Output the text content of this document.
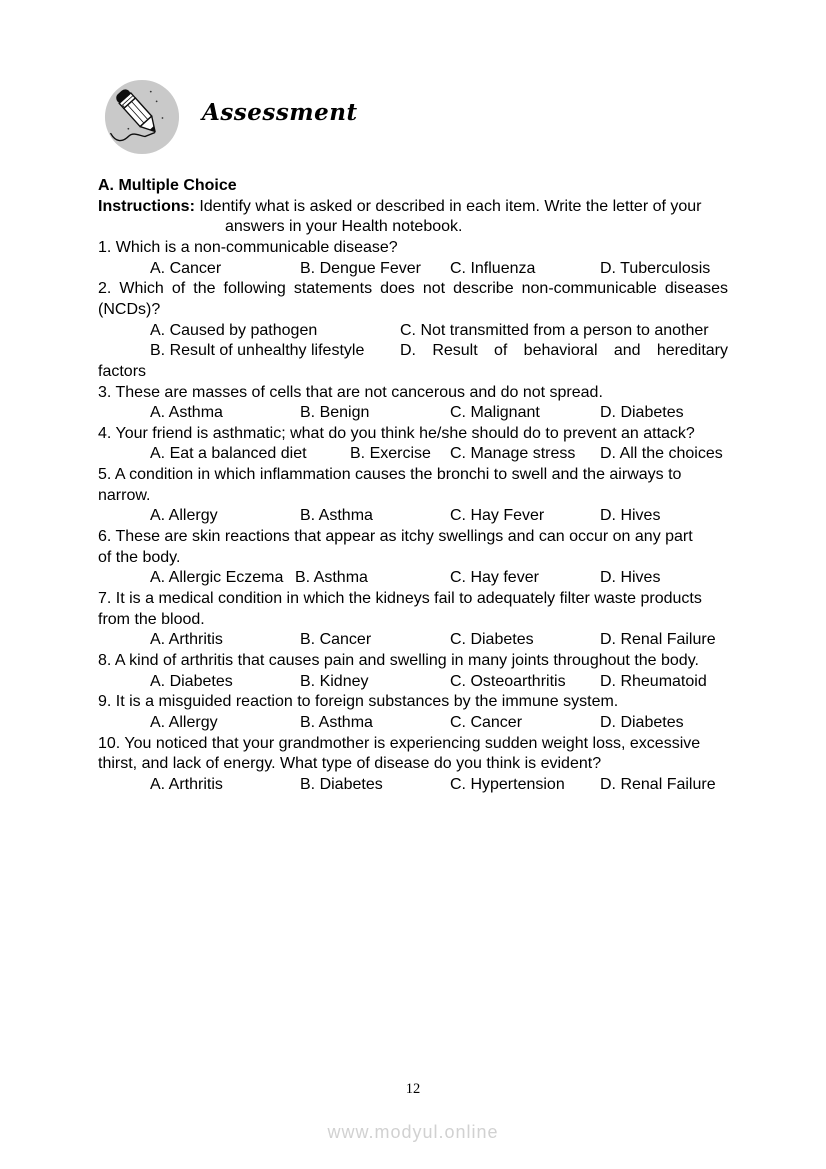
Assessment
A. Multiple Choice
Instructions: Identify what is asked or described in each item. Write the letter of your
answers in your Health notebook.
1. Which is a non-communicable disease?
A. Cancer	B. Dengue Fever C. Influenza	D. Tuberculosis
2. Which of the following statements does not describe non-communicable diseases
(NCDs)?
A. Caused by pathogen	C. Not transmitted from a person to another
B. Result of unhealthy lifestyle D. Result of behavioral and hereditary
factors
3. These are masses of cells that are not cancerous and do not spread.
A. Asthma	B. Benign	C. Malignant	D. Diabetes
4. Your friend is asthmatic; what do you think he/she should do to prevent an attack?
A. Eat a balanced diet	B. Exercise C. Manage stress D. All the choices
5. A condition in which inflammation causes the bronchi to swell and the airways to
narrow.
A. Allergy	B. Asthma	C. Hay Fever	D. Hives
6. These are skin reactions that appear as itchy swellings and can occur on any part
of the body.
A. Allergic Eczema B. Asthma	C. Hay fever	D. Hives
7. It is a medical condition in which the kidneys fail to adequately filter waste products
from the blood.
A. Arthritis	B. Cancer	C. Diabetes	D. Renal Failure
8. A kind of arthritis that causes pain and swelling in many joints throughout the body.
A. Diabetes	B. Kidney	C. Osteoarthritis D. Rheumatoid
9. It is a misguided reaction to foreign substances by the immune system.
A. Allergy	B. Asthma	C. Cancer	D. Diabetes
10. You noticed that your grandmother is experiencing sudden weight loss, excessive
thirst, and lack of energy. What type of disease do you think is evident?
A. Arthritis	B. Diabetes	C. Hypertension D. Renal Failure
12
www.modyul.online
